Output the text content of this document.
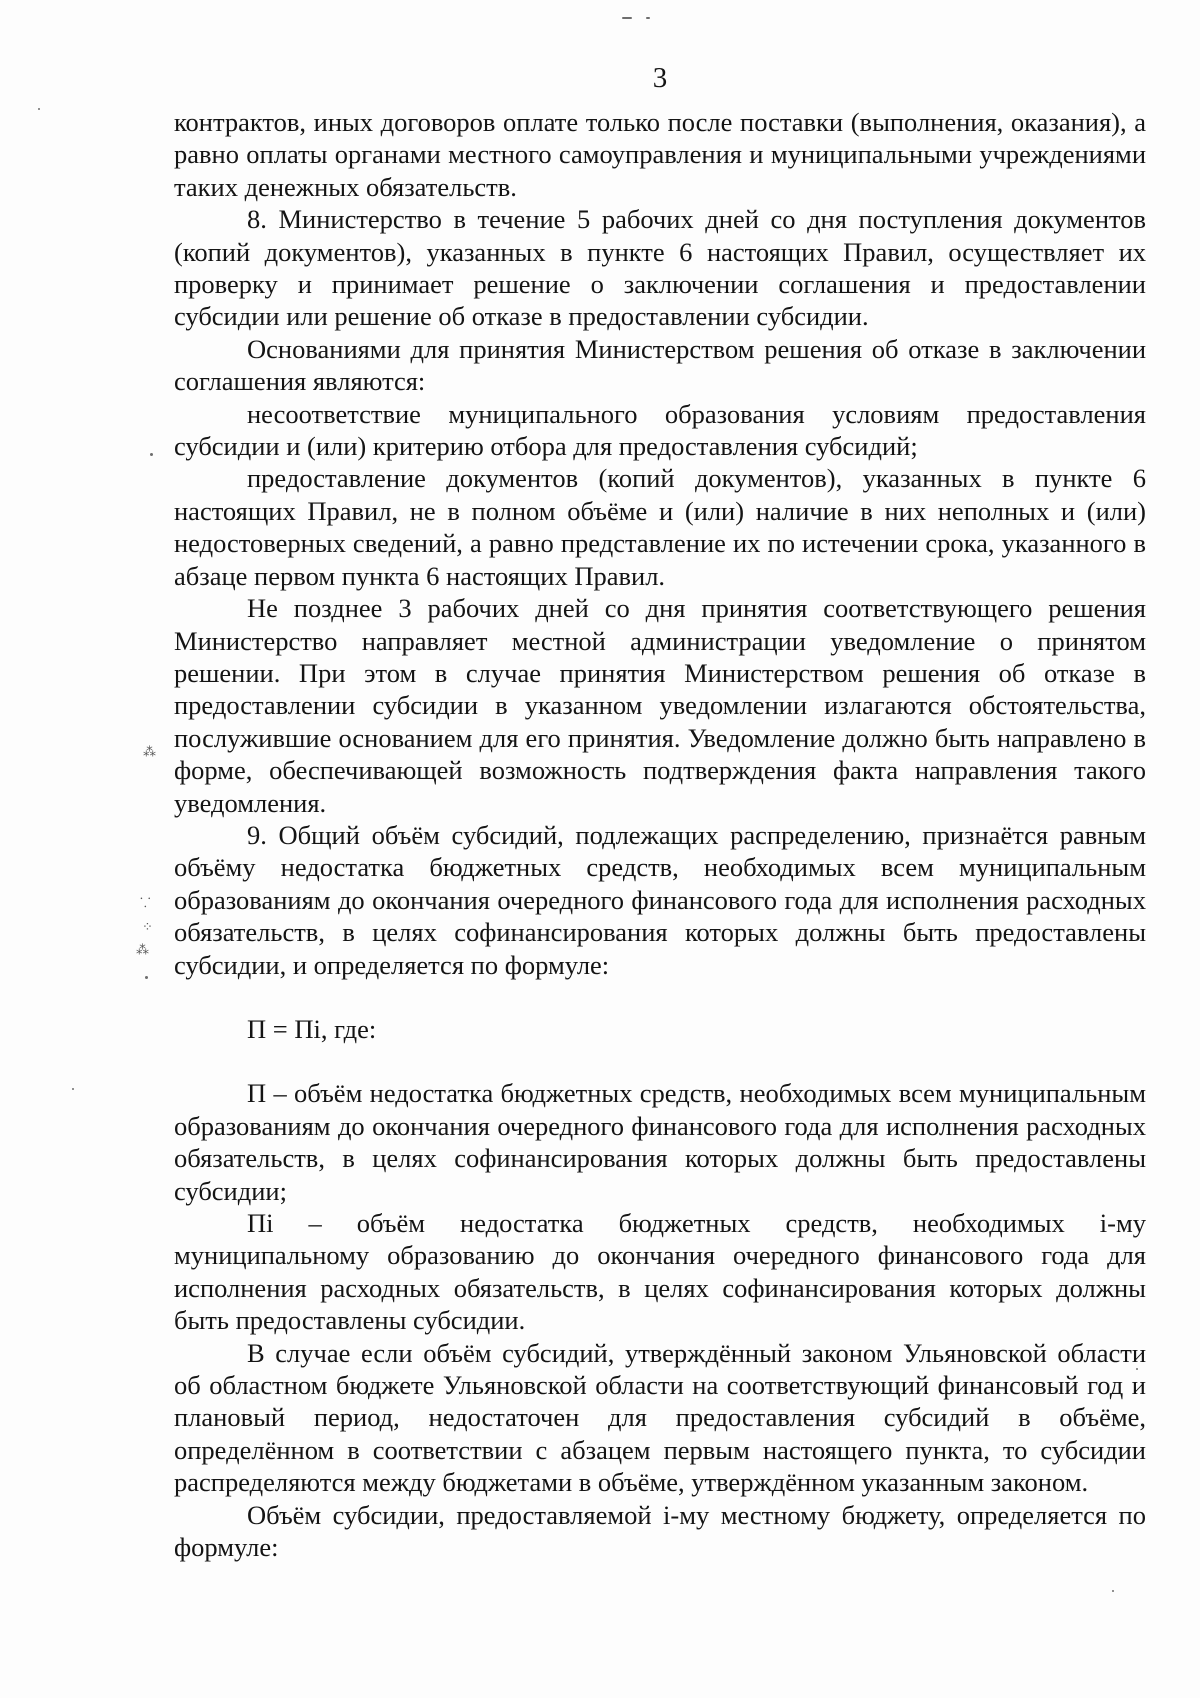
3

контрактов, иных договоров оплате только после поставки (выполнения, оказания), а равно оплаты органами местного самоуправления и муниципальными учреждениями таких денежных обязательств.

8. Министерство в течение 5 рабочих дней со дня поступления документов (копий документов), указанных в пункте 6 настоящих Правил, осуществляет их проверку и принимает решение о заключении соглашения и предоставлении субсидии или решение об отказе в предоставлении субсидии.

Основаниями для принятия Министерством решения об отказе в заключении соглашения являются:

несоответствие муниципального образования условиям предоставления субсидии и (или) критерию отбора для предоставления субсидий;

предоставление документов (копий документов), указанных в пункте 6 настоящих Правил, не в полном объёме и (или) наличие в них неполных и (или) недостоверных сведений, а равно представление их по истечении срока, указанного в абзаце первом пункта 6 настоящих Правил.

Не позднее 3 рабочих дней со дня принятия соответствующего решения Министерство направляет местной администрации уведомление о принятом решении. При этом в случае принятия Министерством решения об отказе в предоставлении субсидии в указанном уведомлении излагаются обстоятельства, послужившие основанием для его принятия. Уведомление должно быть направлено в форме, обеспечивающей возможность подтверждения факта направления такого уведомления.

9. Общий объём субсидий, подлежащих распределению, признаётся равным объёму недостатка бюджетных средств, необходимых всем муниципальным образованиям до окончания очередного финансового года для исполнения расходных обязательств, в целях софинансирования которых должны быть предоставлены субсидии, и определяется по формуле:

П = Пi, где:

П – объём недостатка бюджетных средств, необходимых всем муниципальным образованиям до окончания очередного финансового года для исполнения расходных обязательств, в целях софинансирования которых должны быть предоставлены субсидии;

Пi – объём недостатка бюджетных средств, необходимых i-му муниципальному образованию до окончания очередного финансового года для исполнения расходных обязательств, в целях софинансирования которых должны быть предоставлены субсидии.

В случае если объём субсидий, утверждённый законом Ульяновской области об областном бюджете Ульяновской области на соответствующий финансовый год и плановый период, недостаточен для предоставления субсидий в объёме, определённом в соответствии с абзацем первым настоящего пункта, то субсидии распределяются между бюджетами в объёме, утверждённом указанным законом.

Объём субсидии, предоставляемой i-му местному бюджету, определяется по формуле:

⁂
⸪
⁘
⁂
